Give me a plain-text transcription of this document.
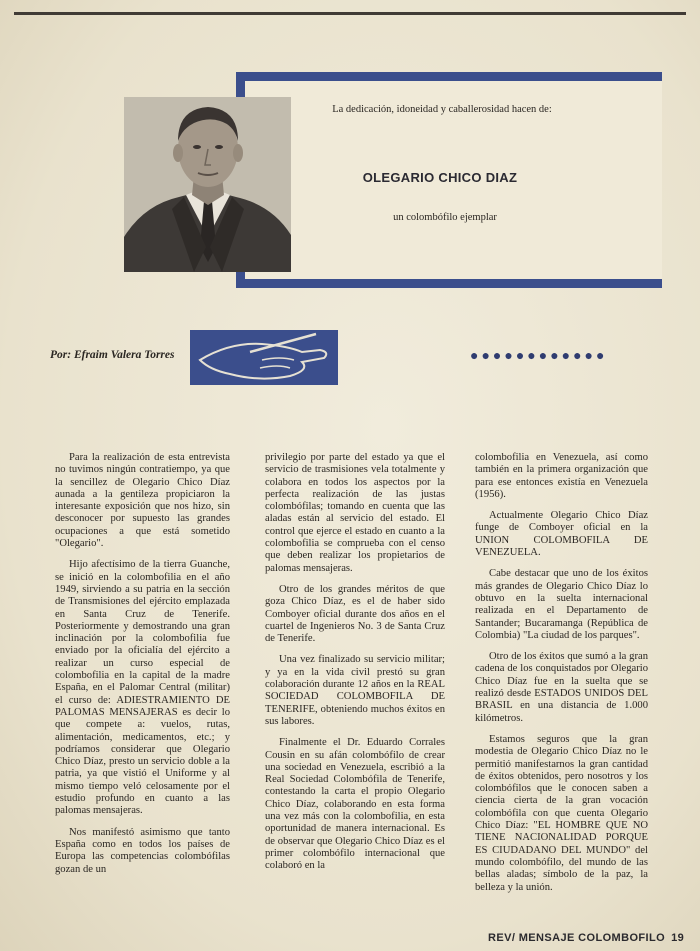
La dedicación, idoneidad y caballerosidad hacen de:
OLEGARIO CHICO DIAZ
un colombófilo ejemplar
Por: Efraim Valera Torres	●●●●●●●●●●●●

Para la realización de esta entrevista no tuvimos ningún contratiempo, ya que la sencillez de Olegario Chico Díaz aunada a la gentileza propiciaron la interesante exposición que nos hizo, sin desconocer por supuesto las grandes ocupaciones a que está sometido "Olegario".

Hijo afectísimo de la tierra Guanche, se inició en la colombofilia en el año 1949, sirviendo a su patria en la sección de Transmisiones del ejército emplazada en Santa Cruz de Tenerife. Posteriormente y demostrando una gran inclinación por la colombofilia fue enviado por la oficialía del ejército a realizar un curso especial de colombofilia en la capital de la madre España, en el Palomar Central (militar) el curso de: ADIESTRAMIENTO DE PALOMAS MENSAJERAS es decir lo que compete a: vuelos, rutas, alimentación, medicamentos, etc.; y podríamos considerar que Olegario Chico Díaz, presto un servicio doble a la patria, ya que vistió el Uniforme y al mismo tiempo veló celosamente por el estudio profundo en cuanto a las palomas mensajeras.

Nos manifestó asimismo que tanto España como en todos los países de Europa las competencias colombófilas gozan de un

privilegio por parte del estado ya que el servicio de trasmisiones vela totalmente y colabora en todos los aspectos por la perfecta realización de las justas colombófilas; tomando en cuenta que las aladas están al servicio del estado. El control que ejerce el estado en cuanto a la colombofilia se comprueba con el censo que deben realizar los propietarios de palomas mensajeras.

Otro de los grandes méritos de que goza Chico Díaz, es el de haber sido Comboyer oficial durante dos años en el cuartel de Ingenieros No. 3 de Santa Cruz de Tenerife.

Una vez finalizado su servicio militar; y ya en la vida civil prestó su gran colaboración durante 12 años en la REAL SOCIEDAD COLOMBOFILA DE TENERIFE, obteniendo muchos éxitos en sus labores.

Finalmente el Dr. Eduardo Corrales Cousin en su afán colombófilo de crear una sociedad en Venezuela, escribió a la Real Sociedad Colombófila de Tenerife, contestando la carta el propio Olegario Chico Díaz, colaborando en esta forma una vez más con la colombofilia, en esta oportunidad de manera internacional. Es de observar que Olegario Chico Díaz es el primer colombófilo internacional que colaboró en la

colombofilia en Venezuela, así como también en la primera organización que para ese entonces existía en Venezuela (1956).

Actualmente Olegario Chico Díaz funge de Comboyer oficial en la UNION COLOMBOFILA DE VENEZUELA.

Cabe destacar que uno de los éxitos más grandes de Olegario Chico Díaz lo obtuvo en la suelta internacional realizada en el Departamento de Santander; Bucaramanga (República de Colombia) "La ciudad de los parques".

Otro de los éxitos que sumó a la gran cadena de los conquistados por Olegario Chico Díaz fue en la suelta que se realizó desde ESTADOS UNIDOS DEL BRASIL en una distancia de 1.000 kilómetros.

Estamos seguros que la gran modestia de Olegario Chico Díaz no le permitió manifestarnos la gran cantidad de éxitos obtenidos, pero nosotros y los colombófilos que le conocen saben a ciencia cierta de la gran vocación colombófila con que cuenta Olegario Chico Díaz: "EL HOMBRE QUE NO TIENE NACIONALIDAD PORQUE ES CIUDADANO DEL MUNDO" del mundo colombófilo, del mundo de las bellas aladas; símbolo de la paz, la belleza y la unión.

REV/ MENSAJE COLOMBOFILO 19
